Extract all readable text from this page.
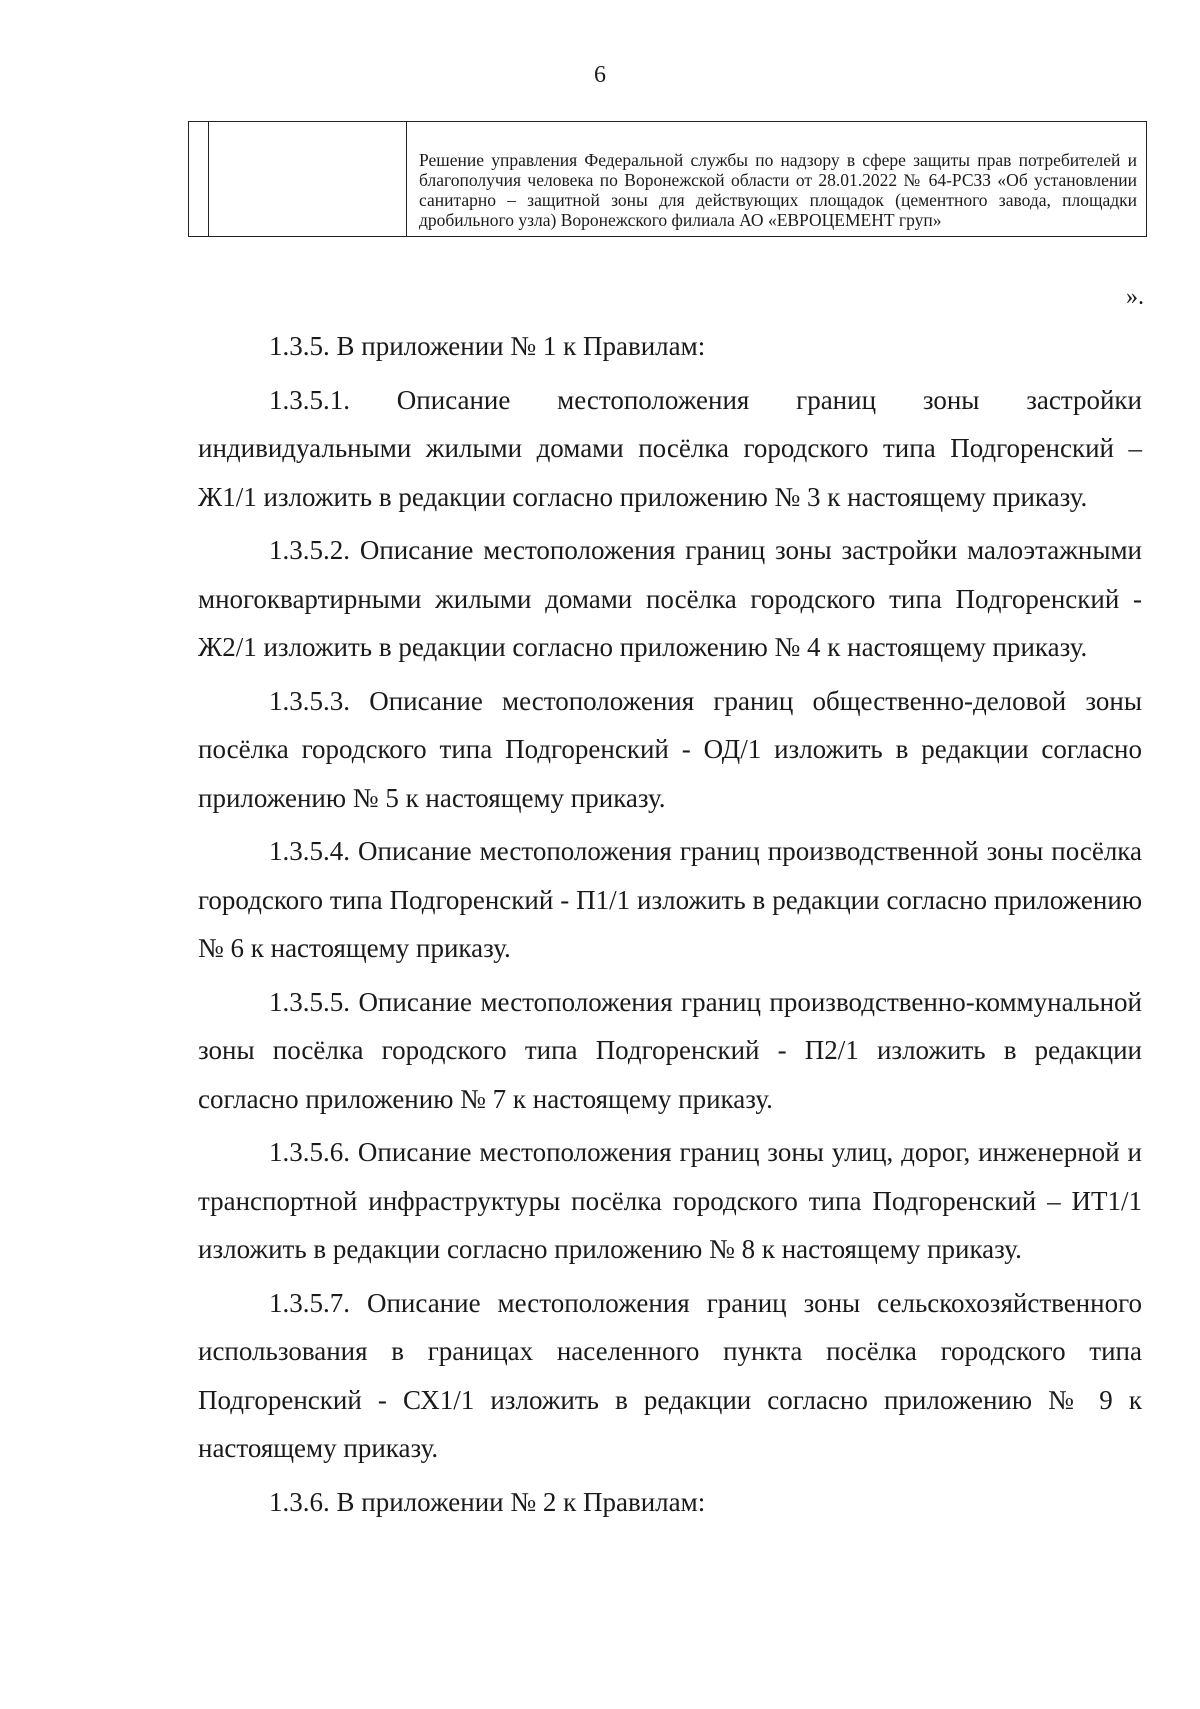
6

Решение управления Федеральной службы по надзору в сфере защиты прав потребителей и благополучия человека по Воронежской области от 28.01.2022 № 64-РСЗЗ «Об установлении санитарно – защитной зоны для действующих площадок (цементного завода, площадки дробильного узла) Воронежского филиала АО «ЕВРОЦЕМЕНТ груп»
».

1.3.5. В приложении № 1 к Правилам:

1.3.5.1. Описание местоположения границ зоны застройки индивидуальными жилыми домами посёлка городского типа Подгоренский – Ж1/1 изложить в редакции согласно приложению № 3 к настоящему приказу.

1.3.5.2. Описание местоположения границ зоны застройки малоэтажными многоквартирными жилыми домами посёлка городского типа Подгоренский - Ж2/1 изложить в редакции согласно приложению № 4 к настоящему приказу.

1.3.5.3. Описание местоположения границ общественно-деловой зоны посёлка городского типа Подгоренский - ОД/1 изложить в редакции согласно приложению № 5 к настоящему приказу.

1.3.5.4. Описание местоположения границ производственной зоны посёлка городского типа Подгоренский - П1/1 изложить в редакции согласно приложению № 6 к настоящему приказу.

1.3.5.5. Описание местоположения границ производственно-коммунальной зоны посёлка городского типа Подгоренский - П2/1 изложить в редакции согласно приложению № 7 к настоящему приказу.

1.3.5.6. Описание местоположения границ зоны улиц, дорог, инженерной и транспортной инфраструктуры посёлка городского типа Подгоренский – ИТ1/1 изложить в редакции согласно приложению № 8 к настоящему приказу.

1.3.5.7. Описание местоположения границ зоны сельскохозяйственного использования в границах населенного пункта посёлка городского типа Подгоренский - СХ1/1 изложить в редакции согласно приложению № 9 к настоящему приказу.

1.3.6. В приложении № 2 к Правилам:
